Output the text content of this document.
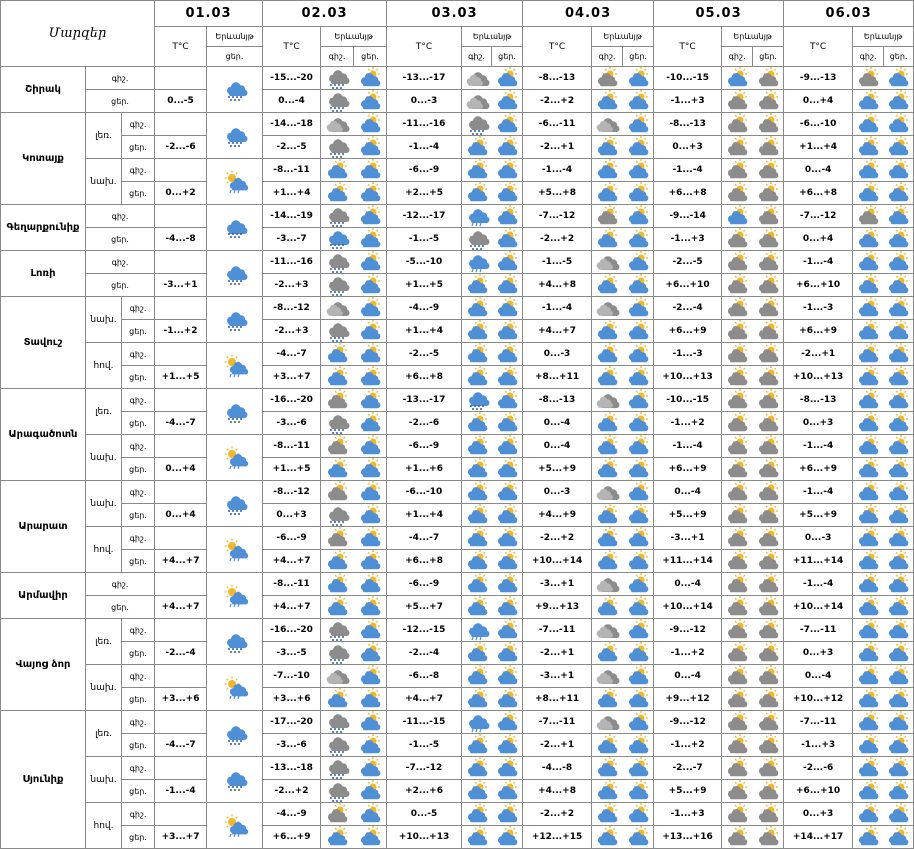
Մարզեր			01.03		02.03			03.03			04.03			05.03			06.03		
			T°C	Երևանյթ	T°C	Երևանյթ		T°C	Երևանյթ		T°C	Երևանյթ		T°C	Երևանյթ		T°C	Երևանյթ	
				ցեր.		գիշ.	ցեր.		գիշ.	ցեր.		գիշ.	ցեր.		գիշ.	ցեր.		գիշ.	ցեր.
Շիրակ	գիշ.				-15...-20			-13...-17			-8...-13			-10...-15			-9...-13	

	ցեր.		0...-5		0...-4			0...-3			-2...+2			-1...+3			0...+4	

Կոտայք	լեռ.	գիշ.			-14...-18			-11...-16			-6...-11			-8...-13			-6...-10	

		ցեր.	-2...-6		-2...-5			-1...-4			-2...+1			0...+3			+1...+4	

	նախ.	գիշ.			-8...-11			-6...-9			-1...-4			-1...-4			0...-4	

		ցեր.	0...+2		+1...+4			+2...+5			+5...+8			+6...+8			+6...+8	

Գեղարքունիք	գիշ.				-14...-19			-12...-17			-7...-12			-9...-14			-7...-12	

	ցեր.		-4...-8		-3...-7			-1...-5			-2...+2			-1...+3			0...+4	

Լոռի	գիշ.				-11...-16			-5...-10			-1...-5			-2...-5			-1...-4	

	ցեր.		-3...+1		-2...+3			+1...+5			+4...+8			+6...+10			+6...+10	

Տավուշ	նախ.	գիշ.			-8...-12			-4...-9			-1...-4			-2...-4			-1...-3	

		ցեր.	-1...+2		-2...+3			+1...+4			+4...+7			+6...+9			+6...+9	

	հով.	գիշ.			-4...-7			-2...-5			0...-3			-1...-3			-2...+1	

		ցեր.	+1...+5		+3...+7			+6...+8			+8...+11			+10...+13			+10...+13	

Արագածոտն	լեռ.	գիշ.			-16...-20			-13...-17			-8...-13			-10...-15			-8...-13	

		ցեր.	-4...-7		-3...-6			-2...-6			0...-4			-1...+2			0...+3	

	նախ.	գիշ.			-8...-11			-6...-9			0...-4			-1...-4			-1...-4	

		ցեր.	0...+4		+1...+5			+1...+6			+5...+9			+6...+9			+6...+9	

Արարատ	նախ.	գիշ.			-8...-12			-6...-10			0...-3			0...-4			-1...-4	

		ցեր.	0...+4		0...+3			+1...+4			+4...+9			+5...+9			+5...+9	

	հով.	գիշ.			-6...-9			-4...-7			-2...+2			-3...+1			0...-3	

		ցեր.	+4...+7		+4...+7			+6...+8			+10...+14			+11...+14			+11...+14	

Արմավիր	գիշ.				-8...-11			-6...-9			-3...+1			0...-4			-1...-4	

	ցեր.		+4...+7		+4...+7			+5...+7			+9...+13			+10...+14			+10...+14	

Վայոց ձոր	լեռ.	գիշ.			-16...-20			-12...-15			-7...-11			-9...-12			-7...-11	

		ցեր.	-2...-4		-3...-5			-2...-4			-2...+1			-1...+2			0...+3	

	նախ.	գիշ.			-7...-10			-6...-8			-3...+1			0...-4			0...-4	

		ցեր.	+3...+6		+3...+6			+4...+7			+8...+11			+9...+12			+10...+12	

Սյունիք	լեռ.	գիշ.			-17...-20			-11...-15			-7...-11			-9...-12			-7...-11	

		ցեր.	-4...-7		-3...-6			-1...-5			-2...+1			-1...+2			-1...+3	

	նախ.	գիշ.			-13...-18			-7...-12			-4...-8			-2...-7			-2...-6	

		ցեր.	-1...-4		-2...+2			+2...+6			+4...+8			+5...+9			+6...+10	

	հով.	գիշ.			-4...-9			0...-5			-2...+2			-1...+3			0...+3	

		ցեր.	+3...+7		+6...+9			+10...+13			+12...+15			+13...+16			+14...+17	
